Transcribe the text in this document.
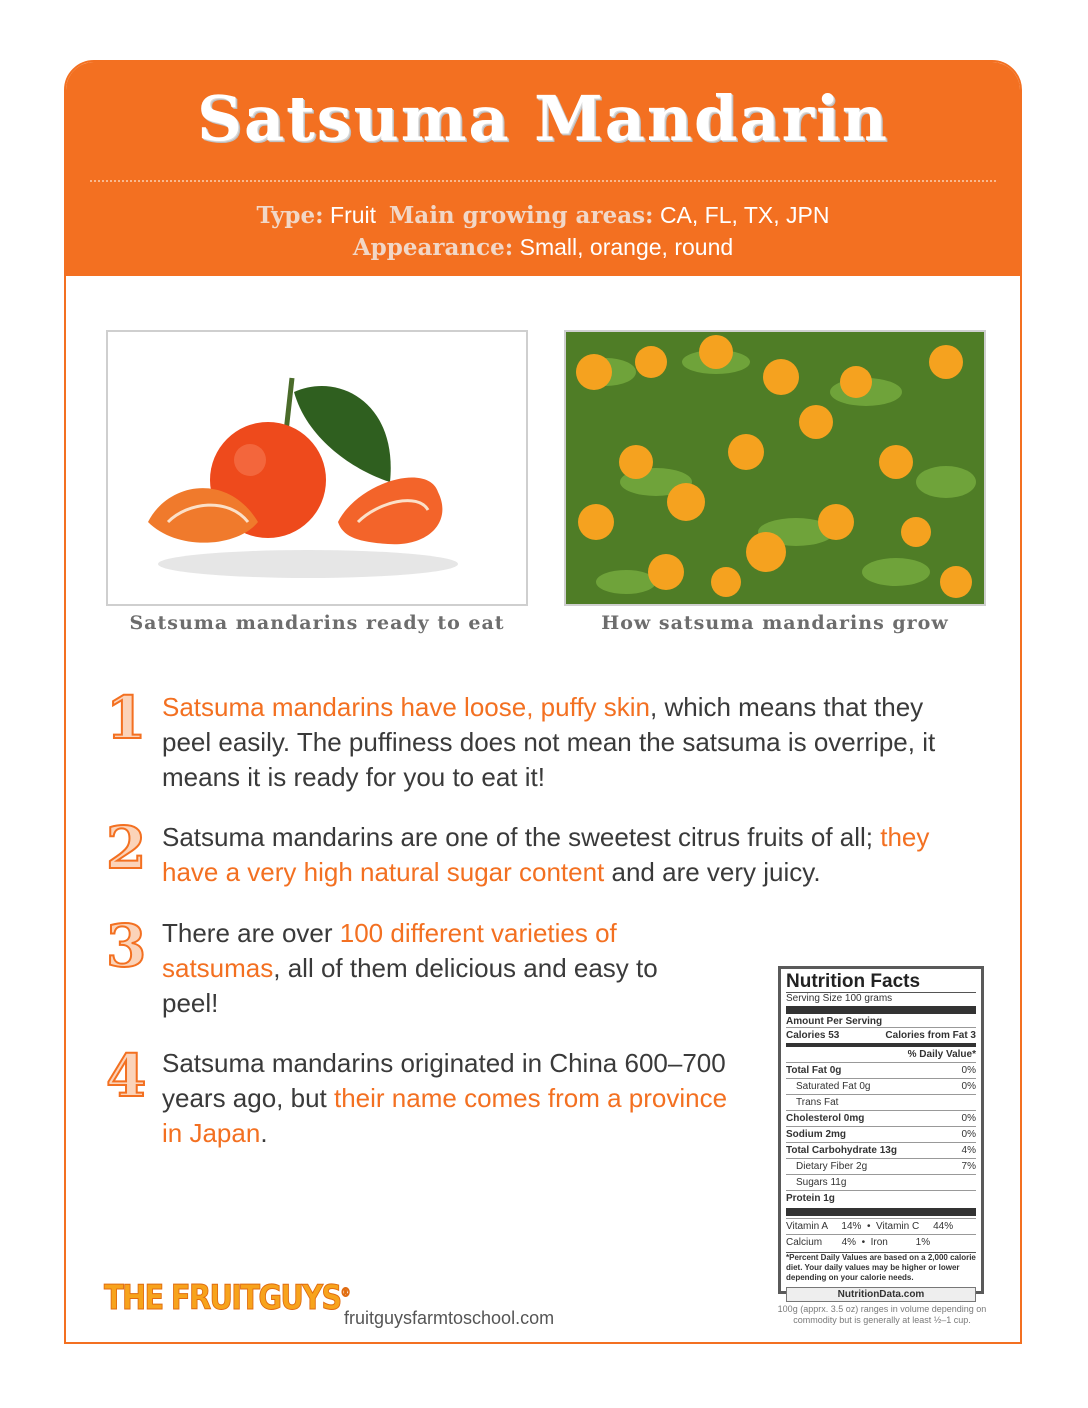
Satsuma Mandarin
Type: Fruit Main growing areas: CA, FL, TX, JPN
Appearance: Small, orange, round
Satsuma mandarins ready to eat	How satsuma mandarins grow
1 Satsuma mandarins have loose, puffy skin, which means that they peel easily. The puffiness does not mean the satsuma is overripe, it means it is ready for you to eat it!
2 Satsuma mandarins are one of the sweetest citrus fruits of all; they have a very high natural sugar content and are very juicy.
3 There are over 100 different varieties of satsumas, all of them delicious and easy to peel!
4 Satsuma mandarins originated in China 600–700 years ago, but their name comes from a province in Japan.
Nutrition Facts
Serving Size 100 grams
Amount Per Serving
Calories 53	Calories from Fat 3
% Daily Value*
Total Fat 0g	0%
Saturated Fat 0g	0%
Trans Fat
Cholesterol 0mg	0%
Sodium 2mg	0%
Total Carbohydrate 13g	4%
Dietary Fiber 2g	7%
Sugars 11g
Protein 1g
Vitamin A     14%  •  Vitamin C     44%
Calcium       4%  •  Iron          1%
*Percent Daily Values are based on a 2,000 calorie diet. Your daily values may be higher or lower depending on your calorie needs.
NutritionData.com
100g (apprx. 3.5 oz) ranges in volume depending on commodity but is generally at least ½–1 cup.
THE FRUITGUYS®
fruitguysfarmtoschool.com
